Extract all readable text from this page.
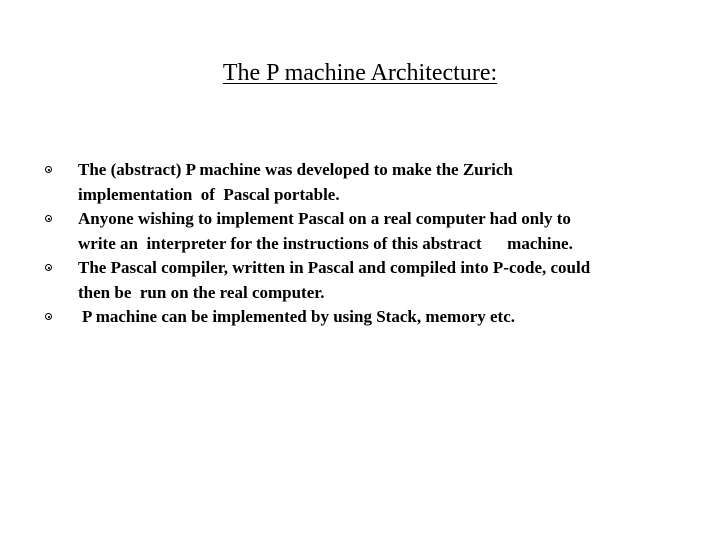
The P machine Architecture:
The (abstract) P machine was developed to make the Zurich
implementation  of  Pascal portable.
Anyone wishing to implement Pascal on a real computer had only to
write an  interpreter for the instructions of this abstract      machine.
The Pascal compiler, written in Pascal and compiled into P-code, could
then be  run on the real computer.
P machine can be implemented by using Stack, memory etc.
